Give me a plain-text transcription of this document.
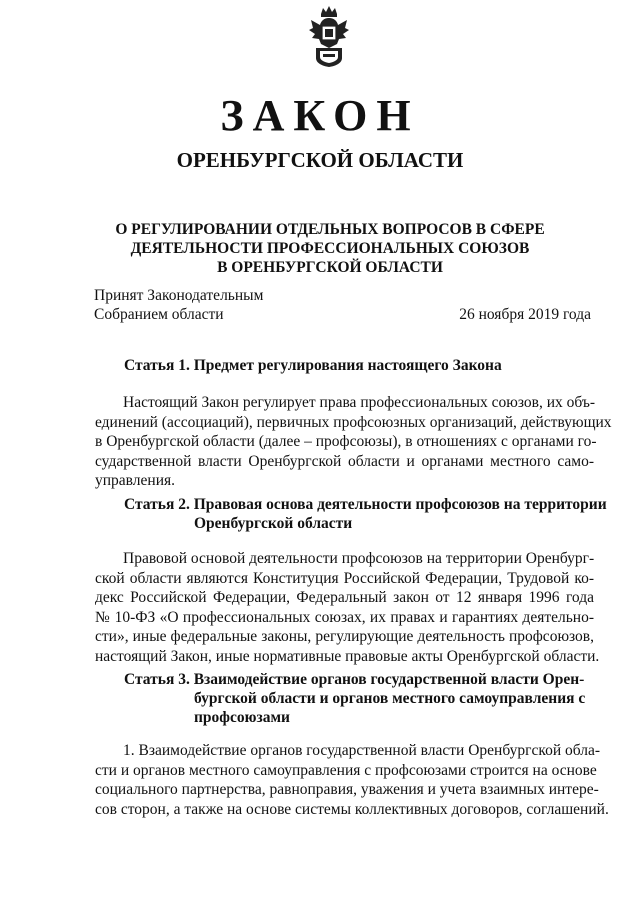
ЗАКОН
ОРЕНБУРГСКОЙ ОБЛАСТИ
О РЕГУЛИРОВАНИИ ОТДЕЛЬНЫХ ВОПРОСОВ В СФЕРЕ
ДЕЯТЕЛЬНОСТИ ПРОФЕССИОНАЛЬНЫХ СОЮЗОВ
В ОРЕНБУРГСКОЙ ОБЛАСТИ
Принят Законодательным
Собранием области	26 ноября 2019 года
Статья 1. Предмет регулирования настоящего Закона
Настоящий Закон регулирует права профессиональных союзов, их объ-
единений (ассоциаций), первичных профсоюзных организаций, действующих
в Оренбургской области (далее – профсоюзы), в отношениях с органами го-
сударственной власти Оренбургской области и органами местного само-
управления.
Статья 2. Правовая основа деятельности профсоюзов на территории
Оренбургской области
Правовой основой деятельности профсоюзов на территории Оренбург-
ской области являются Конституция Российской Федерации, Трудовой ко-
декс Российской Федерации, Федеральный закон от 12 января 1996 года
№ 10-ФЗ «О профессиональных союзах, их правах и гарантиях деятельно-
сти», иные федеральные законы, регулирующие деятельность профсоюзов,
настоящий Закон, иные нормативные правовые акты Оренбургской области.
Статья 3. Взаимодействие органов государственной власти Орен-
бургской области и органов местного самоуправления с
профсоюзами
1. Взаимодействие органов государственной власти Оренбургской обла-
сти и органов местного самоуправления с профсоюзами строится на основе
социального партнерства, равноправия, уважения и учета взаимных интере-
сов сторон, а также на основе системы коллективных договоров, соглашений.
